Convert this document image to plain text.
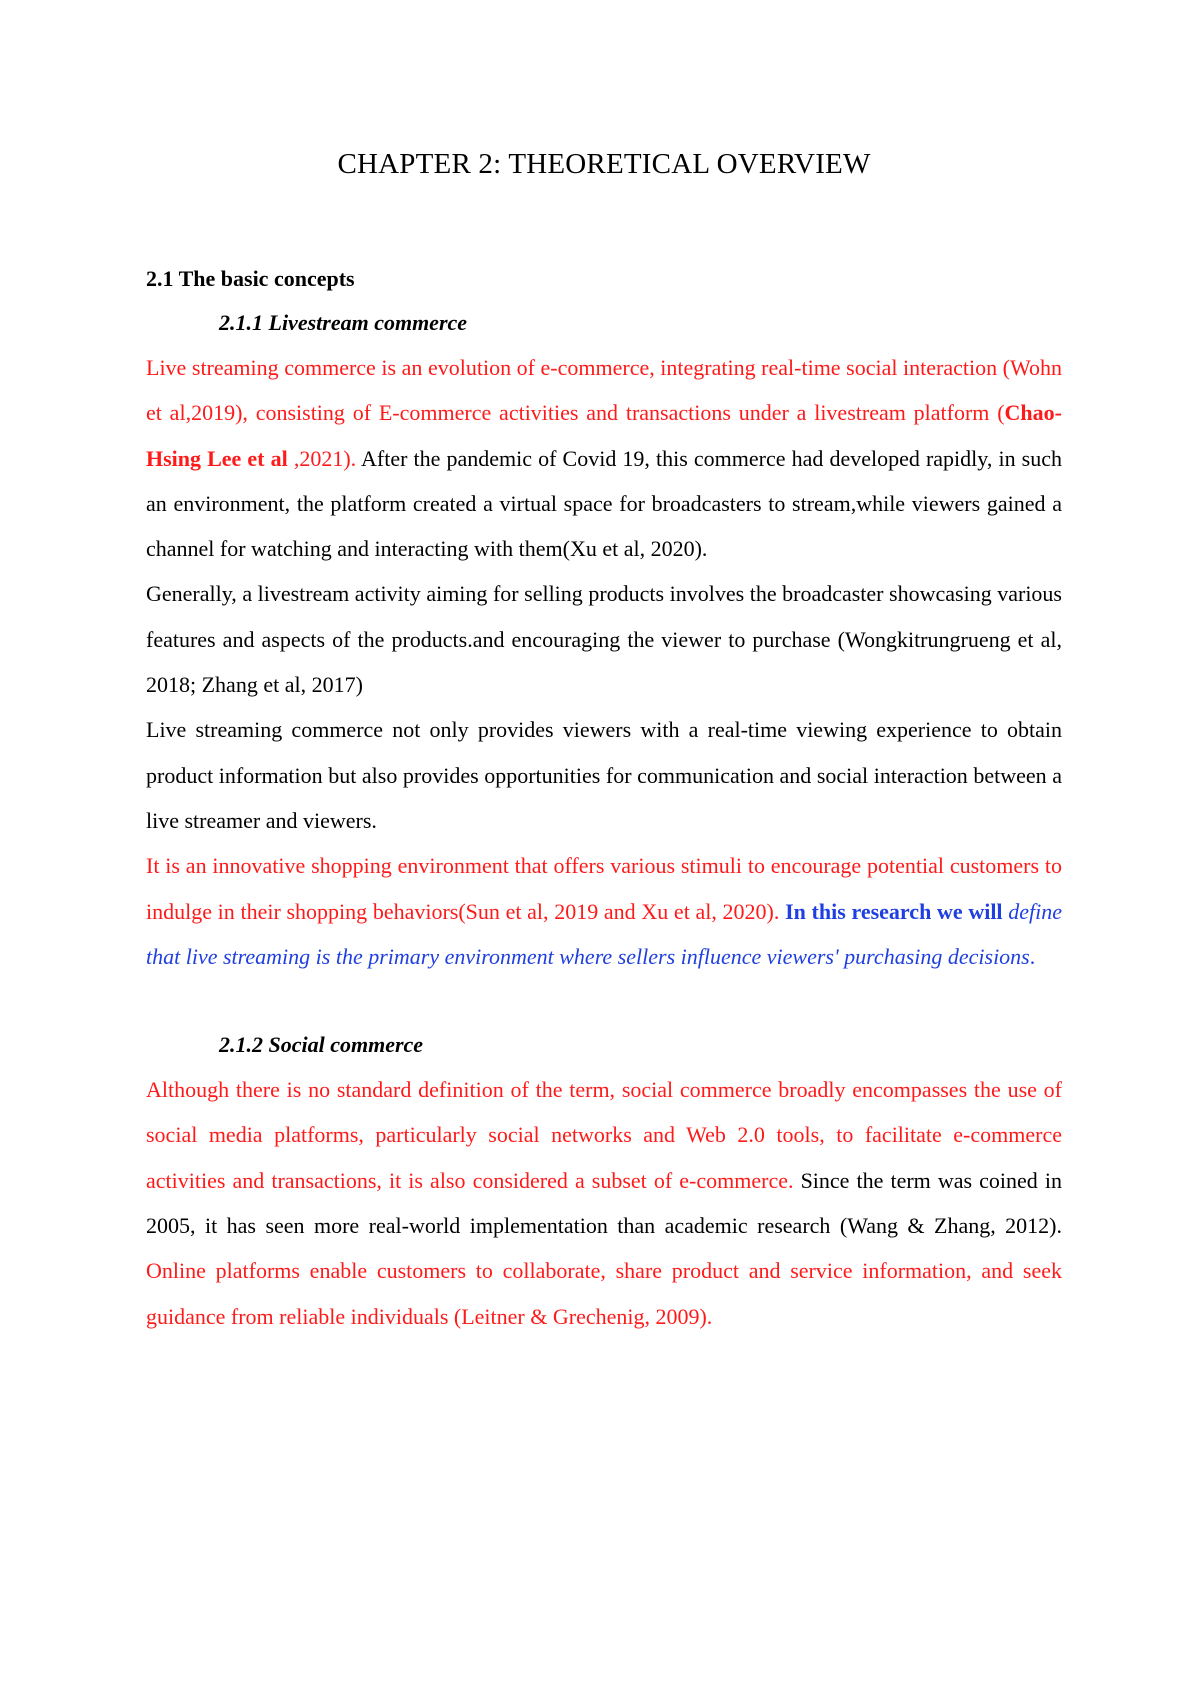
CHAPTER 2: THEORETICAL OVERVIEW
2.1 The basic concepts
2.1.1 Livestream commerce

Live streaming commerce is an evolution of e-commerce, integrating real-time social interaction (Wohn et al,2019), consisting of E-commerce activities and transactions under a livestream platform (Chao-Hsing Lee et al ,2021). After the pandemic of Covid 19, this commerce had developed rapidly, in such an environment, the platform created a virtual space for broadcasters to stream,while viewers gained a channel for watching and interacting with them(Xu et al, 2020).

Generally, a livestream activity aiming for selling products involves the broadcaster showcasing various features and aspects of the products.and encouraging the viewer to purchase (Wongkitrungrueng et al, 2018; Zhang et al, 2017)

Live streaming commerce not only provides viewers with a real-time viewing experience to obtain product information but also provides opportunities for communication and social interaction between a live streamer and viewers.

It is an innovative shopping environment that offers various stimuli to encourage potential customers to indulge in their shopping behaviors(Sun et al, 2019 and Xu et al, 2020). In this research we will define that live streaming is the primary environment where sellers influence viewers' purchasing decisions.

2.1.2 Social commerce

Although there is no standard definition of the term, social commerce broadly encompasses the use of social media platforms, particularly social networks and Web 2.0 tools, to facilitate e-commerce activities and transactions, it is also considered a subset of e-commerce. Since the term was coined in 2005, it has seen more real-world implementation than academic research (Wang & Zhang, 2012). Online platforms enable customers to collaborate, share product and service information, and seek guidance from reliable individuals (Leitner & Grechenig, 2009).
